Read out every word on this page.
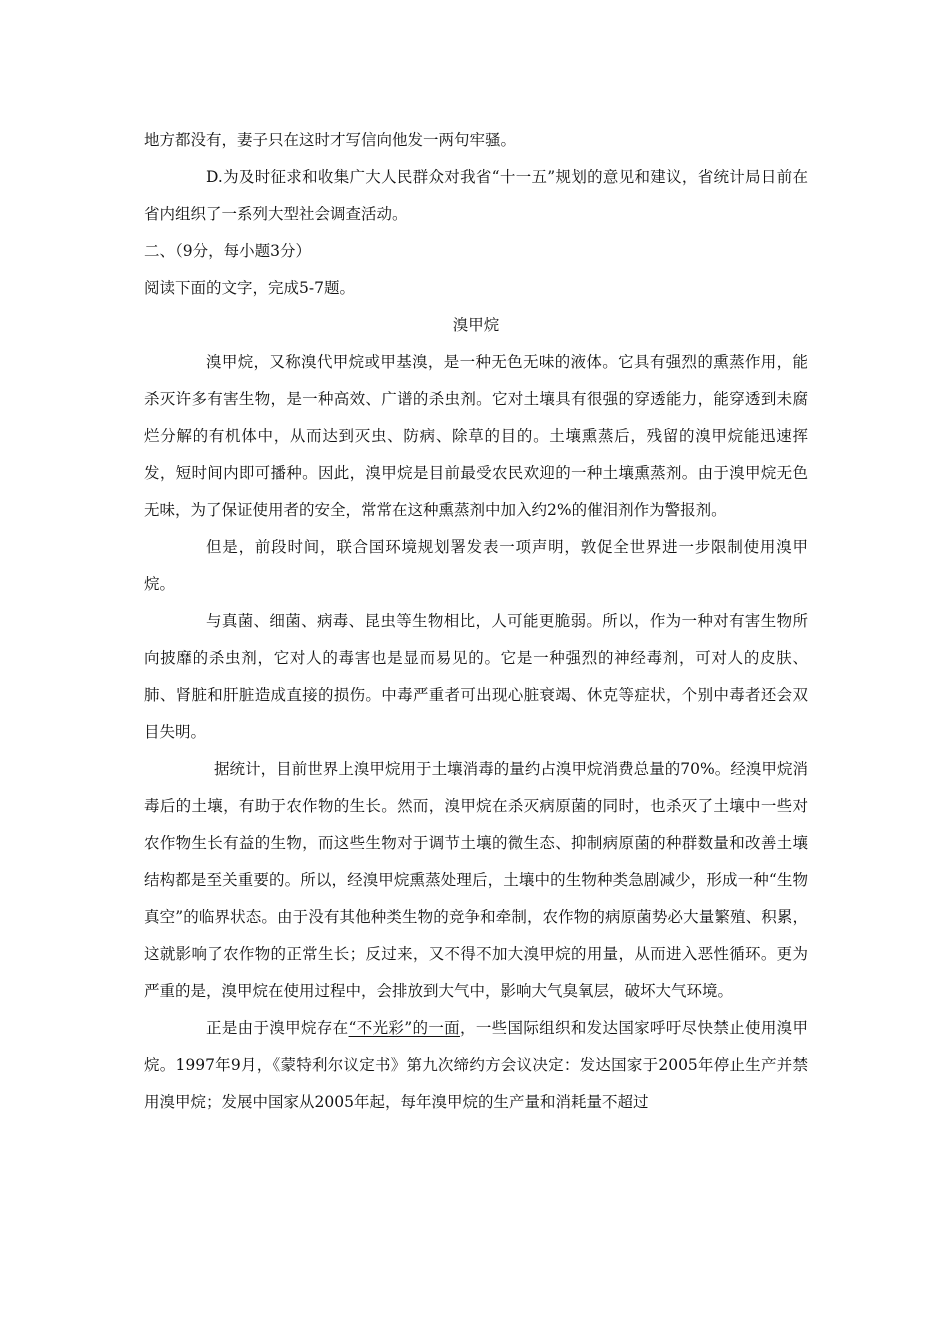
地方都没有，妻子只在这时才写信向他发一两句牢骚。

D.为及时征求和收集广大人民群众对我省“十一五”规划的意见和建议，省统计局日前在省内组织了一系列大型社会调查活动。

二、（9分，每小题3分）

阅读下面的文字，完成5-7题。

溴甲烷

溴甲烷，又称溴代甲烷或甲基溴，是一种无色无味的液体。它具有强烈的熏蒸作用，能杀灭许多有害生物，是一种高效、广谱的杀虫剂。它对土壤具有很强的穿透能力，能穿透到未腐烂分解的有机体中，从而达到灭虫、防病、除草的目的。土壤熏蒸后，残留的溴甲烷能迅速挥发，短时间内即可播种。因此，溴甲烷是目前最受农民欢迎的一种土壤熏蒸剂。由于溴甲烷无色无味，为了保证使用者的安全，常常在这种熏蒸剂中加入约2%的催泪剂作为警报剂。

但是，前段时间，联合国环境规划署发表一项声明，敦促全世界进一步限制使用溴甲烷。

与真菌、细菌、病毒、昆虫等生物相比，人可能更脆弱。所以，作为一种对有害生物所向披靡的杀虫剂，它对人的毒害也是显而易见的。它是一种强烈的神经毒剂，可对人的皮肤、肺、肾脏和肝脏造成直接的损伤。中毒严重者可出现心脏衰竭、休克等症状，个别中毒者还会双目失明。

据统计，目前世界上溴甲烷用于土壤消毒的量约占溴甲烷消费总量的70%。经溴甲烷消毒后的土壤，有助于农作物的生长。然而，溴甲烷在杀灭病原菌的同时，也杀灭了土壤中一些对农作物生长有益的生物，而这些生物对于调节土壤的微生态、抑制病原菌的种群数量和改善土壤结构都是至关重要的。所以，经溴甲烷熏蒸处理后，土壤中的生物种类急剧减少，形成一种“生物真空”的临界状态。由于没有其他种类生物的竞争和牵制，农作物的病原菌势必大量繁殖、积累，这就影响了农作物的正常生长；反过来，又不得不加大溴甲烷的用量，从而进入恶性循环。更为严重的是，溴甲烷在使用过程中，会排放到大气中，影响大气臭氧层，破坏大气环境。

正是由于溴甲烷存在“不光彩”的一面，一些国际组织和发达国家呼吁尽快禁止使用溴甲烷。1997年9月，《蒙特利尔议定书》第九次缔约方会议决定：发达国家于2005年停止生产并禁用溴甲烷；发展中国家从2005年起，每年溴甲烷的生产量和消耗量不超过
